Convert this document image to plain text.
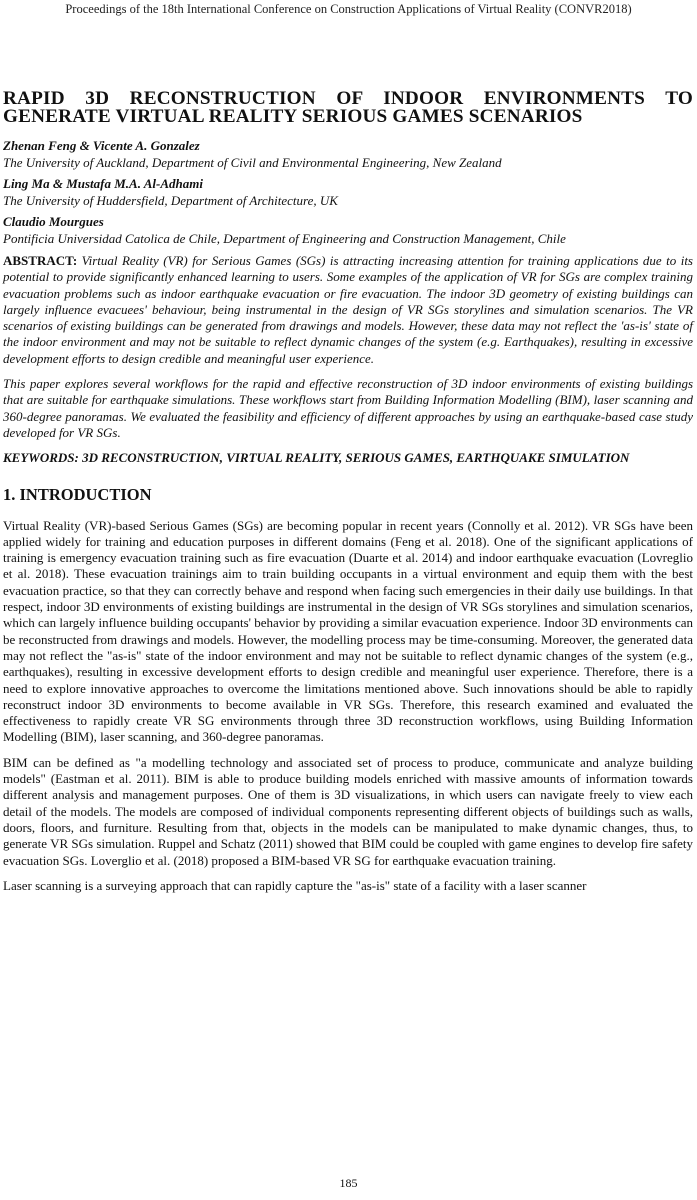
Proceedings of the 18th International Conference on Construction Applications of Virtual Reality (CONVR2018)
RAPID 3D RECONSTRUCTION OF INDOOR ENVIRONMENTS TO GENERATE VIRTUAL REALITY SERIOUS GAMES SCENARIOS
Zhenan Feng & Vicente A. Gonzalez
The University of Auckland, Department of Civil and Environmental Engineering, New Zealand
Ling Ma & Mustafa M.A. Al-Adhami
The University of Huddersfield, Department of Architecture, UK
Claudio Mourgues
Pontificia Universidad Catolica de Chile, Department of Engineering and Construction Management, Chile

ABSTRACT: Virtual Reality (VR) for Serious Games (SGs) is attracting increasing attention for training applications due to its potential to provide significantly enhanced learning to users. Some examples of the application of VR for SGs are complex training evacuation problems such as indoor earthquake evacuation or fire evacuation. The indoor 3D geometry of existing buildings can largely influence evacuees' behaviour, being instrumental in the design of VR SGs storylines and simulation scenarios. The VR scenarios of existing buildings can be generated from drawings and models. However, these data may not reflect the 'as-is' state of the indoor environment and may not be suitable to reflect dynamic changes of the system (e.g. Earthquakes), resulting in excessive development efforts to design credible and meaningful user experience.

This paper explores several workflows for the rapid and effective reconstruction of 3D indoor environments of existing buildings that are suitable for earthquake simulations. These workflows start from Building Information Modelling (BIM), laser scanning and 360-degree panoramas. We evaluated the feasibility and efficiency of different approaches by using an earthquake-based case study developed for VR SGs.

KEYWORDS: 3D RECONSTRUCTION, VIRTUAL REALITY, SERIOUS GAMES, EARTHQUAKE SIMULATION
1. INTRODUCTION

Virtual Reality (VR)-based Serious Games (SGs) are becoming popular in recent years (Connolly et al. 2012). VR SGs have been applied widely for training and education purposes in different domains (Feng et al. 2018). One of the significant applications of training is emergency evacuation training such as fire evacuation (Duarte et al. 2014) and indoor earthquake evacuation (Lovreglio et al. 2018). These evacuation trainings aim to train building occupants in a virtual environment and equip them with the best evacuation practice, so that they can correctly behave and respond when facing such emergencies in their daily use buildings. In that respect, indoor 3D environments of existing buildings are instrumental in the design of VR SGs storylines and simulation scenarios, which can largely influence building occupants' behavior by providing a similar evacuation experience. Indoor 3D environments can be reconstructed from drawings and models. However, the modelling process may be time-consuming. Moreover, the generated data may not reflect the "as-is" state of the indoor environment and may not be suitable to reflect dynamic changes of the system (e.g., earthquakes), resulting in excessive development efforts to design credible and meaningful user experience. Therefore, there is a need to explore innovative approaches to overcome the limitations mentioned above. Such innovations should be able to rapidly reconstruct indoor 3D environments to become available in VR SGs. Therefore, this research examined and evaluated the effectiveness to rapidly create VR SG environments through three 3D reconstruction workflows, using Building Information Modelling (BIM), laser scanning, and 360-degree panoramas.

BIM can be defined as "a modelling technology and associated set of process to produce, communicate and analyze building models" (Eastman et al. 2011). BIM is able to produce building models enriched with massive amounts of information towards different analysis and management purposes. One of them is 3D visualizations, in which users can navigate freely to view each detail of the models. The models are composed of individual components representing different objects of buildings such as walls, doors, floors, and furniture. Resulting from that, objects in the models can be manipulated to make dynamic changes, thus, to generate VR SGs simulation. Ruppel and Schatz (2011) showed that BIM could be coupled with game engines to develop fire safety evacuation SGs. Loverglio et al. (2018) proposed a BIM-based VR SG for earthquake evacuation training.

Laser scanning is a surveying approach that can rapidly capture the "as-is" state of a facility with a laser scanner

185
